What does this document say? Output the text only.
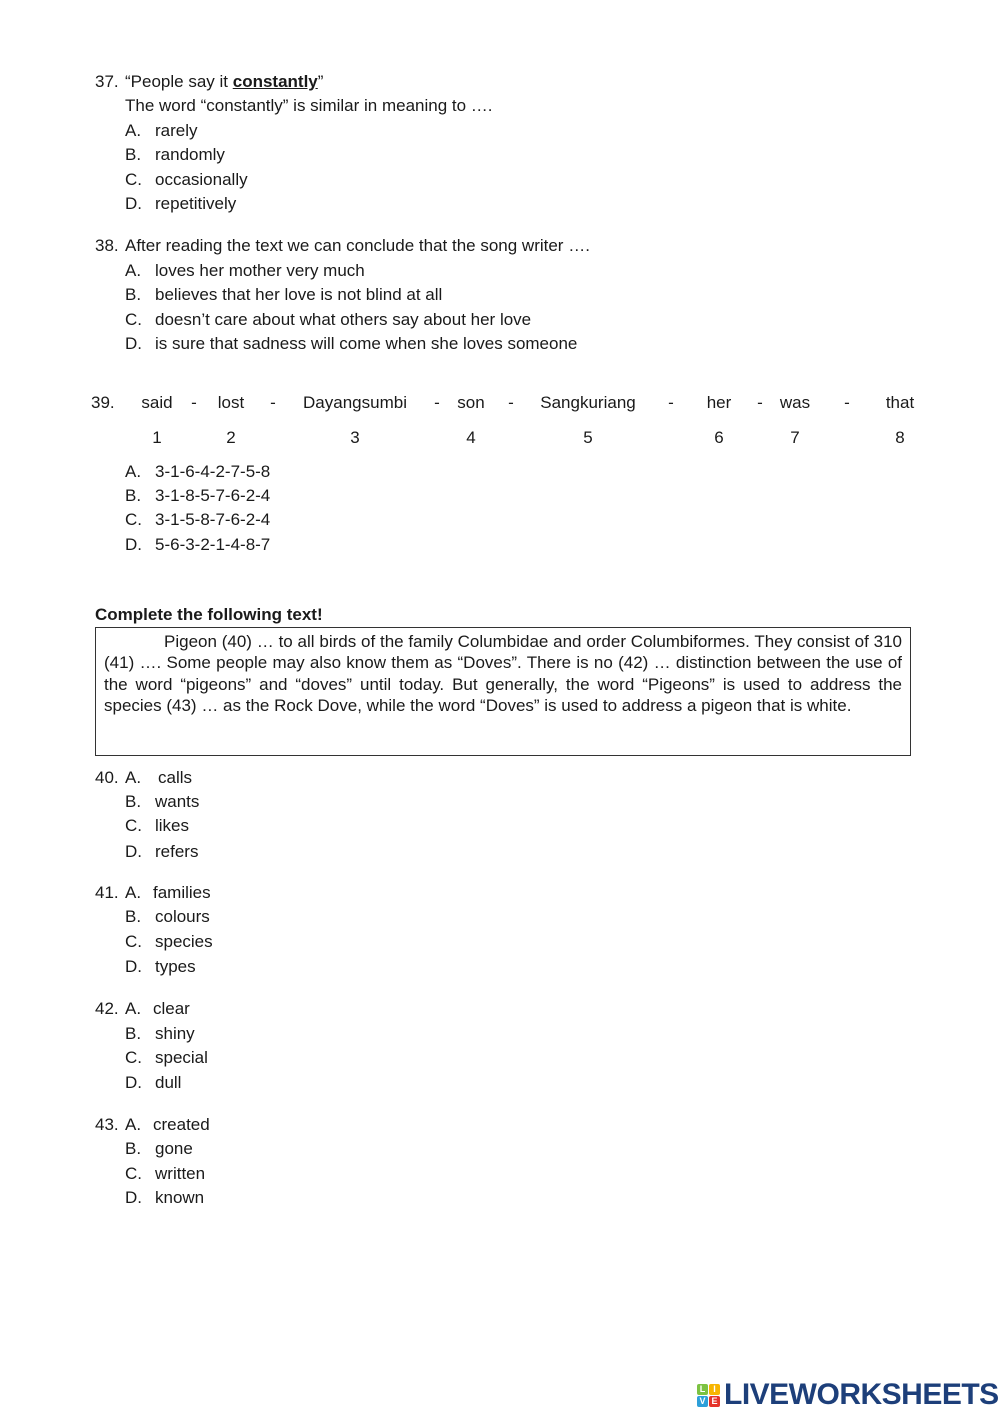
37. “People say it constantly”
The word “constantly” is similar in meaning to ….
A. rarely
B. randomly
C. occasionally
D. repetitively
38. After reading the text we can conclude that the song writer ….
A. loves her mother very much
B. believes that her love is not blind at all
C. doesn’t care about what others say about her love
D. is sure that sadness will come when she loves someone
39. said - lost - Dayangsumbi - son - Sangkuriang - her - was - that
1	2	3	4	5	6	7	8
A. 3-1-6-4-2-7-5-8
B. 3-1-8-5-7-6-2-4
C. 3-1-5-8-7-6-2-4
D. 5-6-3-2-1-4-8-7
Complete the following text!

Pigeon (40) … to all birds of the family Columbidae and order Columbiformes. They consist of 310 (41) …. Some people may also know them as “Doves”. There is no (42) … distinction between the use of the word “pigeons” and “doves” until today. But generally, the word “Pigeons” is used to address the species (43) … as the Rock Dove, while the word “Doves” is used to address a pigeon that is white.

40. A. calls
B. wants
C. likes
D. refers
41. A. families
B. colours
C. species
D. types
42. A. clear
B. shiny
C. special
D. dull
43. A. created
B. gone
C. written
D. known
L I
V E LIVEWORKSHEETS
